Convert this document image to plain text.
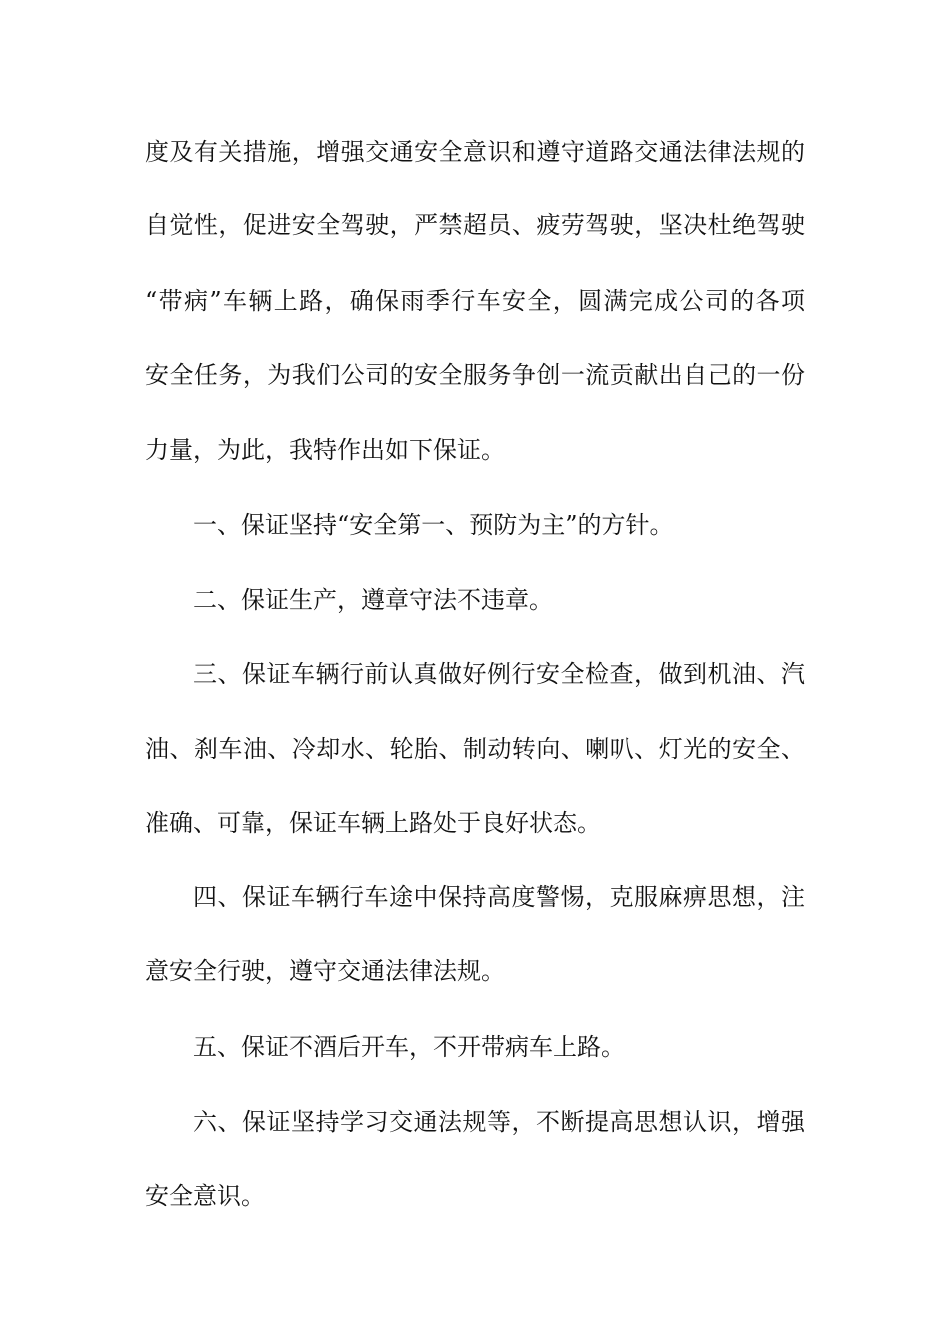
度及有关措施，增强交通安全意识和遵守道路交通法律法规的
自觉性，促进安全驾驶，严禁超员、疲劳驾驶，坚决杜绝驾驶
“带病”车辆上路，确保雨季行车安全，圆满完成公司的各项
安全任务，为我们公司的安全服务争创一流贡献出自己的一份
力量，为此，我特作出如下保证。
一、保证坚持“安全第一、预防为主”的方针。
二、保证生产，遵章守法不违章。
三、保证车辆行前认真做好例行安全检查，做到机油、汽
油、刹车油、冷却水、轮胎、制动转向、喇叭、灯光的安全、
准确、可靠，保证车辆上路处于良好状态。
四、保证车辆行车途中保持高度警惕，克服麻痹思想，注
意安全行驶，遵守交通法律法规。
五、保证不酒后开车，不开带病车上路。
六、保证坚持学习交通法规等，不断提高思想认识，增强
安全意识。
